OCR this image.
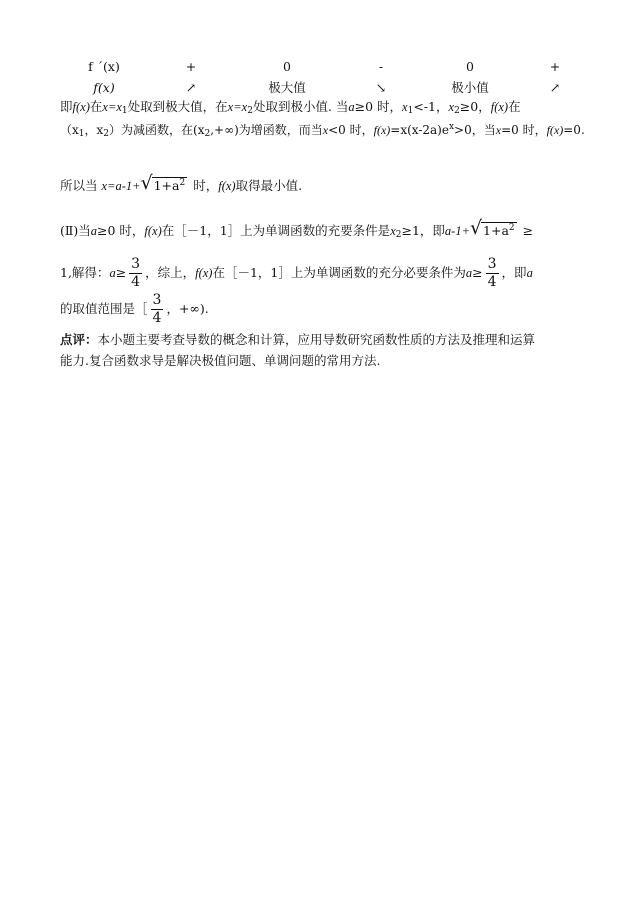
f ´(x)	+	0	-	0	+
f(x)	↗	极大值	↘	极小值	↗
即f(x)在$x=x_1$处取到极大值，在$x=x_2$处取到极小值. 当a≥0 时，$x_1<-1$，$x_2\ge 0$，f(x)在
（$x_1$，$x_2$）为减函数，在$(x_2,+\infty)$为增函数，而当x<0 时，$f(x)=x(x-2a)e^x>0$，当x=0 时，f(x)=0.
所以当 x=a-1+ √ $1+a^2$ 时，f(x)取得最小值.
(Ⅱ)当a≥0 时，f(x)在［－1，1］上为单调函数的充要条件是$x_2\ge 1$，即a-1+ √ $1+a^2$ ≥
1,解得：$a\ge \frac{3}{4}$ ，综上，f(x)在［－1，1］上为单调函数的充分必要条件为$a\ge \frac{3}{4}$ ，即a
的取值范围是［ $\frac{3}{4}$ ，+∞).
点评：本小题主要考查导数的概念和计算，应用导数研究函数性质的方法及推理和运算
能力.复合函数求导是解决极值问题、单调问题的常用方法.
